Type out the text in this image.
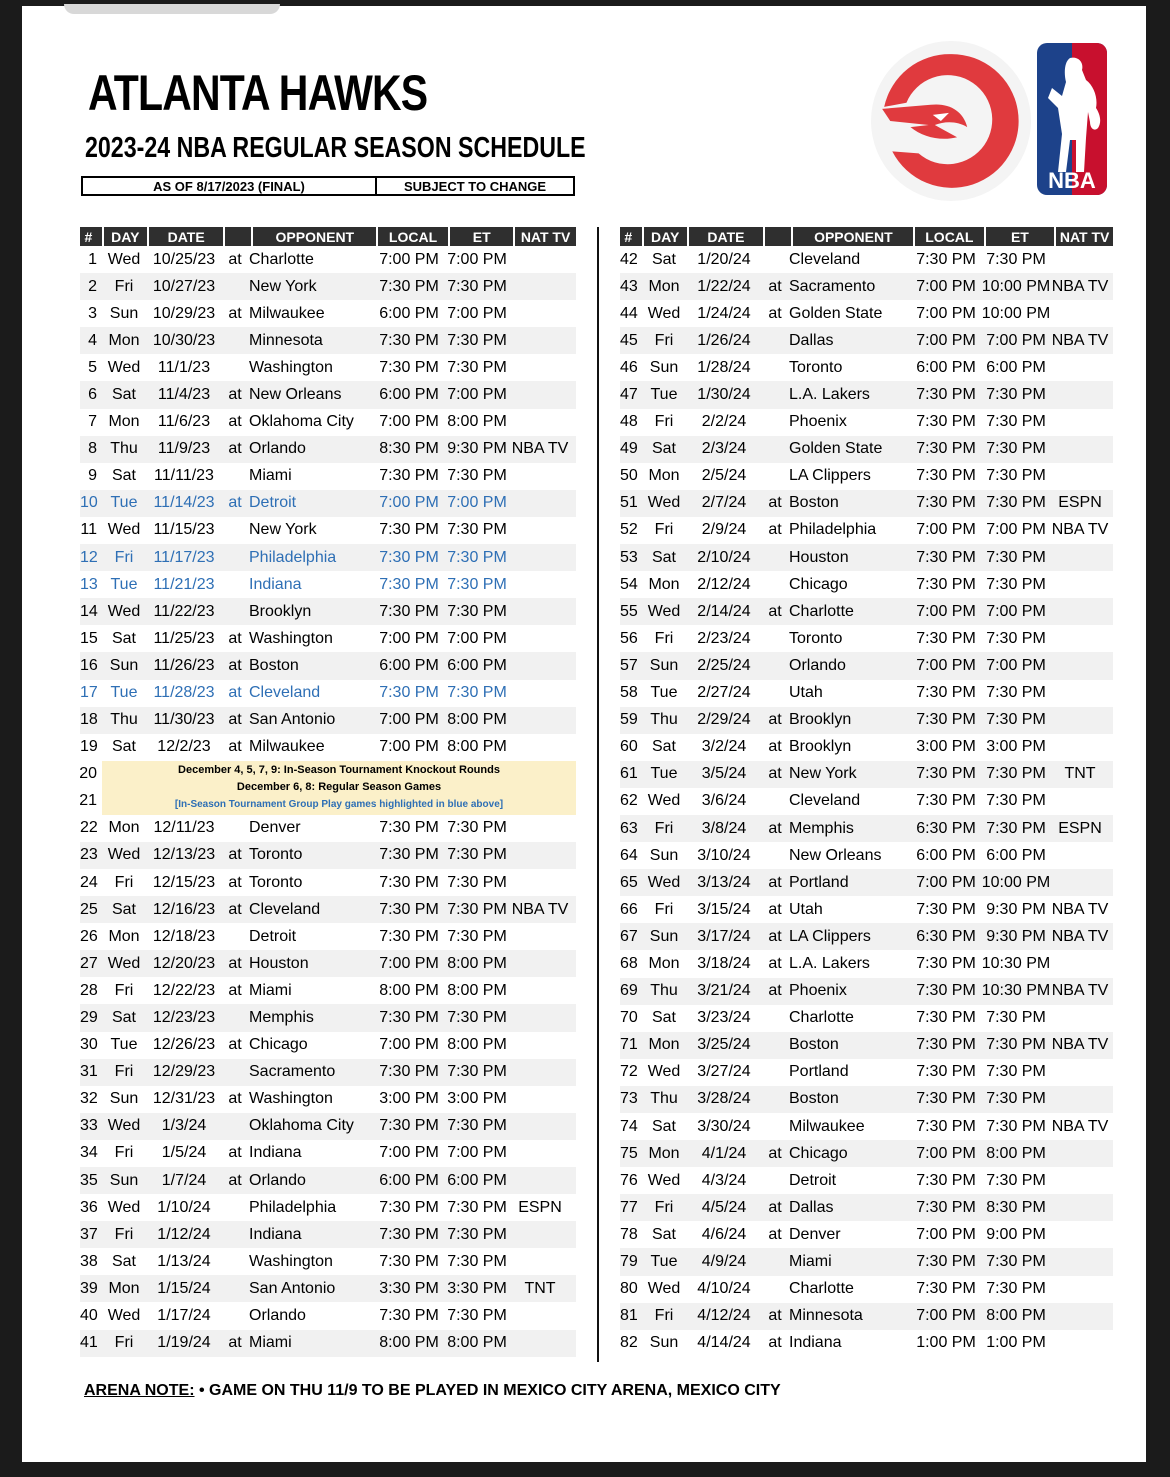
ATLANTA HAWKS
2023-24 NBA REGULAR SEASON SCHEDULE
AS OF 8/17/2023 (FINAL)	SUBJECT TO CHANGE	NBA
#	DAY	DATE	OPPONENT	LOCAL	ET	NAT TV
1 Wed 10/25/23 at Charlotte	7:00 PM 7:00 PM
2	Fri	10/27/23	New York	7:30 PM 7:30 PM
3 Sun 10/29/23 at Milwaukee	6:00 PM 7:00 PM
4 Mon 10/30/23	Minnesota	7:30 PM 7:30 PM
5 Wed	11/1/23	Washington	7:30 PM 7:30 PM
6 Sat	11/4/23	at New Orleans	6:00 PM 7:00 PM
7 Mon	11/6/23	at Oklahoma City	7:00 PM 8:00 PM
8 Thu	11/9/23	at Orlando	8:30 PM 9:30 PM NBA TV
9 Sat	11/11/23	Miami	7:30 PM 7:30 PM
10 Tue 11/14/23 at Detroit	7:00 PM 7:00 PM
11 Wed 11/15/23	New York	7:30 PM 7:30 PM
12	Fri	11/17/23	Philadelphia	7:30 PM 7:30 PM
13 Tue 11/21/23	Indiana	7:30 PM 7:30 PM
14 Wed 11/22/23	Brooklyn	7:30 PM 7:30 PM
15 Sat	11/25/23 at Washington	7:00 PM 7:00 PM
16 Sun 11/26/23 at Boston	6:00 PM 6:00 PM
17 Tue 11/28/23 at Cleveland	7:30 PM 7:30 PM
18 Thu 11/30/23 at San Antonio	7:00 PM 8:00 PM
19 Sat	12/2/23	at Milwaukee	7:00 PM 8:00 PM
20
21
December 4, 5, 7, 9: In-Season Tournament Knockout Rounds
December 6, 8: Regular Season Games
[In-Season Tournament Group Play games highlighted in blue above]
22 Mon 12/11/23	Denver	7:30 PM 7:30 PM
23 Wed 12/13/23 at Toronto	7:30 PM 7:30 PM
24	Fri	12/15/23 at Toronto	7:30 PM 7:30 PM
25 Sat	12/16/23 at Cleveland	7:30 PM 7:30 PM NBA TV
26 Mon 12/18/23	Detroit	7:30 PM 7:30 PM
27 Wed 12/20/23 at Houston	7:00 PM 8:00 PM
28	Fri	12/22/23 at Miami	8:00 PM 8:00 PM
29 Sat	12/23/23	Memphis	7:30 PM 7:30 PM
30 Tue 12/26/23 at Chicago	7:00 PM 8:00 PM
31	Fri	12/29/23	Sacramento	7:30 PM 7:30 PM
32 Sun 12/31/23 at Washington	3:00 PM 3:00 PM
33 Wed	1/3/24	Oklahoma City	7:30 PM 7:30 PM
34	Fri	1/5/24	at Indiana	7:00 PM 7:00 PM
35 Sun	1/7/24	at Orlando	6:00 PM 6:00 PM
36 Wed	1/10/24	Philadelphia	7:30 PM 7:30 PM ESPN
37	Fri	1/12/24	Indiana	7:30 PM 7:30 PM
38 Sat	1/13/24	Washington	7:30 PM 7:30 PM
39 Mon	1/15/24	San Antonio	3:30 PM 3:30 PM	TNT
40 Wed	1/17/24	Orlando	7:30 PM 7:30 PM
41	Fri	1/19/24	at Miami	8:00 PM 8:00 PM
#	DAY	DATE	OPPONENT	LOCAL	ET	NAT TV
42 Sat	1/20/24	Cleveland	7:30 PM 7:30 PM
43 Mon	1/22/24	at Sacramento	7:00 PM 10:00 PM NBA TV
44 Wed	1/24/24	at Golden State	7:00 PM 10:00 PM
45	Fri	1/26/24	Dallas	7:00 PM 7:00 PM NBA TV
46 Sun	1/28/24	Toronto	6:00 PM 6:00 PM
47 Tue	1/30/24	L.A. Lakers	7:30 PM 7:30 PM
48	Fri	2/2/24	Phoenix	7:30 PM 7:30 PM
49 Sat	2/3/24	Golden State	7:30 PM 7:30 PM
50 Mon	2/5/24	LA Clippers	7:30 PM 7:30 PM
51 Wed	2/7/24	at Boston	7:30 PM 7:30 PM ESPN
52	Fri	2/9/24	at Philadelphia	7:00 PM 7:00 PM NBA TV
53 Sat	2/10/24	Houston	7:30 PM 7:30 PM
54 Mon	2/12/24	Chicago	7:30 PM 7:30 PM
55 Wed	2/14/24	at Charlotte	7:00 PM 7:00 PM
56	Fri	2/23/24	Toronto	7:30 PM 7:30 PM
57 Sun	2/25/24	Orlando	7:00 PM 7:00 PM
58 Tue	2/27/24	Utah	7:30 PM 7:30 PM
59 Thu	2/29/24	at Brooklyn	7:30 PM 7:30 PM
60 Sat	3/2/24	at Brooklyn	3:00 PM 3:00 PM
61 Tue	3/5/24	at New York	7:30 PM 7:30 PM	TNT
62 Wed	3/6/24	Cleveland	7:30 PM 7:30 PM
63	Fri	3/8/24	at Memphis	6:30 PM 7:30 PM ESPN
64 Sun	3/10/24	New Orleans	6:00 PM 6:00 PM
65 Wed	3/13/24	at Portland	7:00 PM 10:00 PM
66	Fri	3/15/24	at Utah	7:30 PM 9:30 PM NBA TV
67 Sun	3/17/24	at LA Clippers	6:30 PM 9:30 PM NBA TV
68 Mon	3/18/24	at L.A. Lakers	7:30 PM 10:30 PM
69 Thu	3/21/24	at Phoenix	7:30 PM 10:30 PM NBA TV
70 Sat	3/23/24	Charlotte	7:30 PM 7:30 PM
71 Mon	3/25/24	Boston	7:30 PM 7:30 PM NBA TV
72 Wed	3/27/24	Portland	7:30 PM 7:30 PM
73 Thu	3/28/24	Boston	7:30 PM 7:30 PM
74 Sat	3/30/24	Milwaukee	7:30 PM 7:30 PM NBA TV
75 Mon	4/1/24	at Chicago	7:00 PM 8:00 PM
76 Wed	4/3/24	Detroit	7:30 PM 7:30 PM
77	Fri	4/5/24	at Dallas	7:30 PM 8:30 PM
78 Sat	4/6/24	at Denver	7:00 PM 9:00 PM
79 Tue	4/9/24	Miami	7:30 PM 7:30 PM
80 Wed	4/10/24	Charlotte	7:30 PM 7:30 PM
81	Fri	4/12/24	at Minnesota	7:00 PM 8:00 PM
82 Sun	4/14/24	at Indiana	1:00 PM 1:00 PM
ARENA NOTE: • GAME ON THU 11/9 TO BE PLAYED IN MEXICO CITY ARENA, MEXICO CITY
